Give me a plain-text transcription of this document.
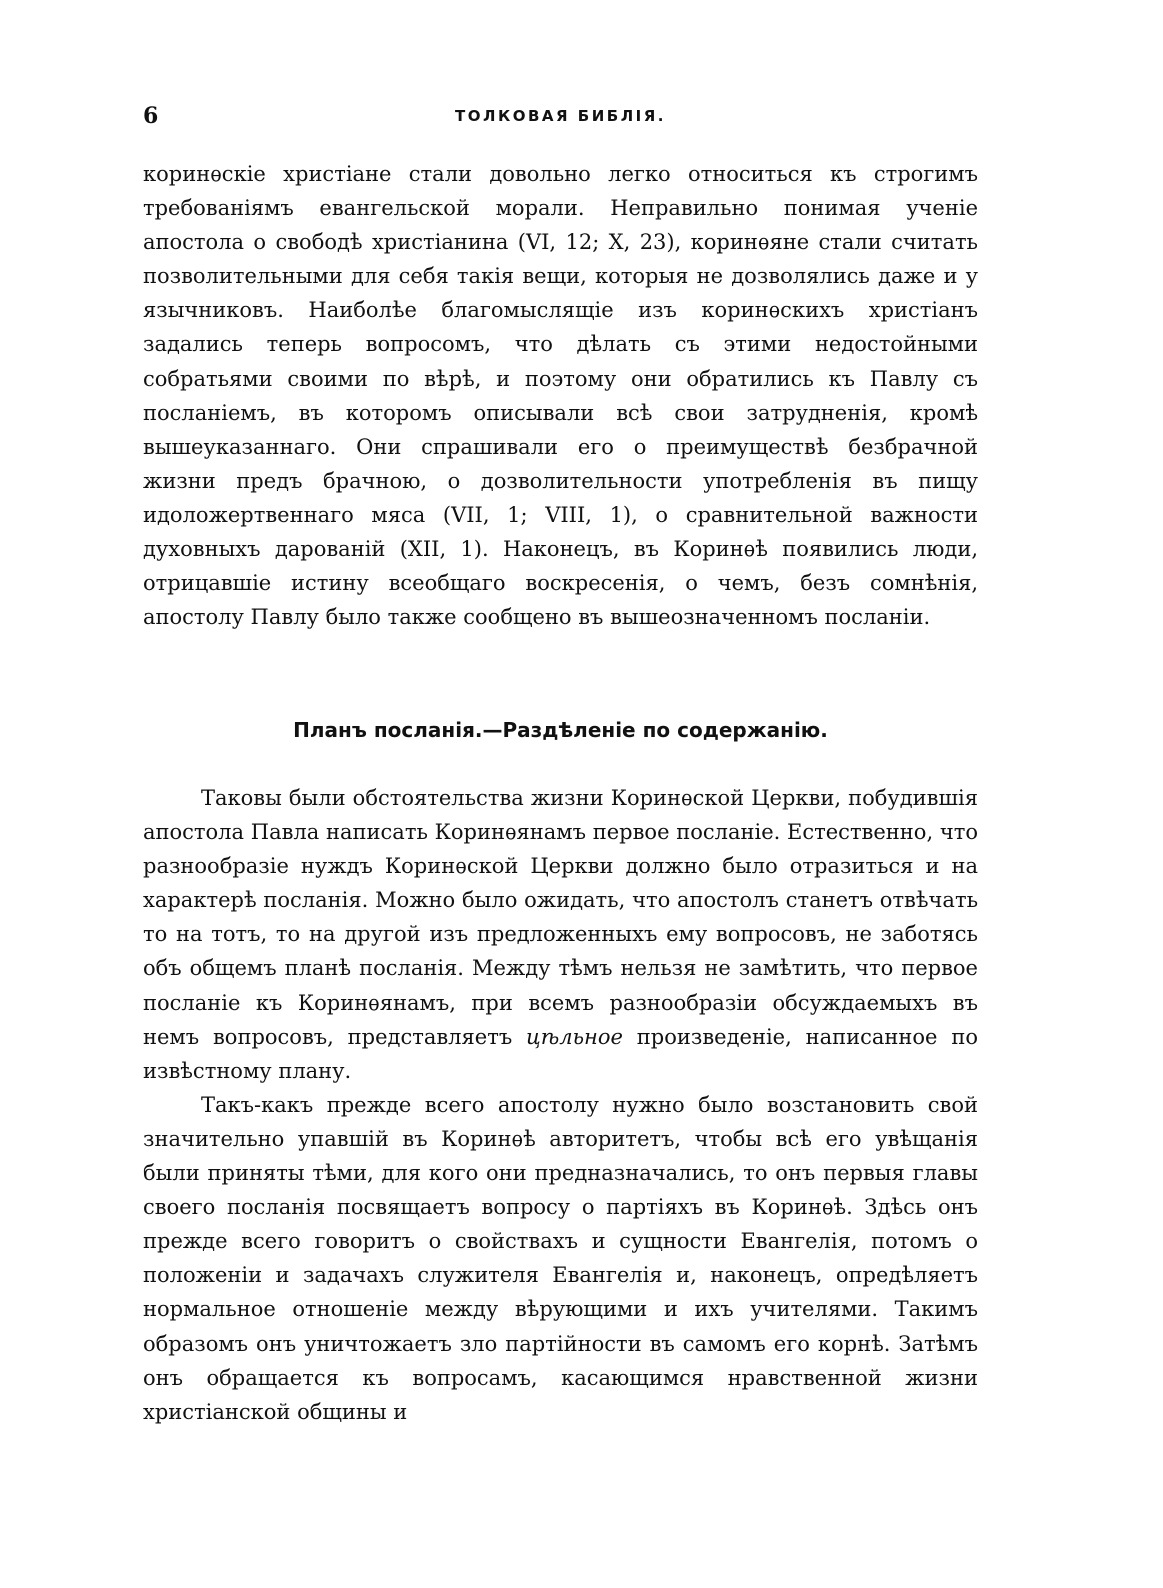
6	ТОЛКОВАЯ БИБЛІЯ.

коринѳскіе христіане стали довольно легко относиться къ строгимъ требованіямъ евангельской морали. Неправильно понимая ученіе апостола о свободѣ христіанина (VI, 12; X, 23), коринѳяне стали считать позволительными для себя такія вещи, которыя не дозволялись даже и у язычниковъ. Наиболѣе благомыслящіе изъ коринѳскихъ христіанъ задались теперь вопросомъ, что дѣлать съ этими недостойными собратьями своими по вѣрѣ, и поэтому они обратились къ Павлу съ посланіемъ, въ которомъ описывали всѣ свои затрудненія, кромѣ вышеуказаннаго. Они спрашивали его о преимуществѣ безбрачной жизни предъ брачною, о дозволительности употребленія въ пищу идоложертвеннаго мяса (VII, 1; VIII, 1), о сравнительной важности духовныхъ дарованій (XII, 1). Наконецъ, въ Коринѳѣ появились люди, отрицавшіе истину всеобщаго воскресенія, о чемъ, безъ сомнѣнія, апостолу Павлу было также сообщено въ вышеозначенномъ посланіи.

Планъ посланія.—Раздѣленіе по содержанію.

Таковы были обстоятельства жизни Коринѳской Церкви, побудившія апостола Павла написать Коринѳянамъ первое посланіе. Естественно, что разнообразіе нуждъ Коринѳской Церкви должно было отразиться и на характерѣ посланія. Можно было ожидать, что апостолъ станетъ отвѣчать то на тотъ, то на другой изъ предложенныхъ ему вопросовъ, не заботясь объ общемъ планѣ посланія. Между тѣмъ нельзя не замѣтить, что первое посланіе къ Коринѳянамъ, при всемъ разнообразіи обсуждаемыхъ въ немъ вопросовъ, представляетъ цѣльное произведеніе, написанное по извѣстному плану.

Такъ-какъ прежде всего апостолу нужно было возстановить свой значительно упавшій въ Коринѳѣ авторитетъ, чтобы всѣ его увѣщанія были приняты тѣми, для кого они предназначались, то онъ первыя главы своего посланія посвящаетъ вопросу о партіяхъ въ Коринѳѣ. Здѣсь онъ прежде всего говоритъ о свойствахъ и сущности Евангелія, потомъ о положеніи и задачахъ служителя Евангелія и, наконецъ, опредѣляетъ нормальное отношеніе между вѣрующими и ихъ учителями. Такимъ образомъ онъ уничтожаетъ зло партійности въ самомъ его корнѣ. Затѣмъ онъ обращается къ вопросамъ, касающимся нравственной жизни христіанской общины и
